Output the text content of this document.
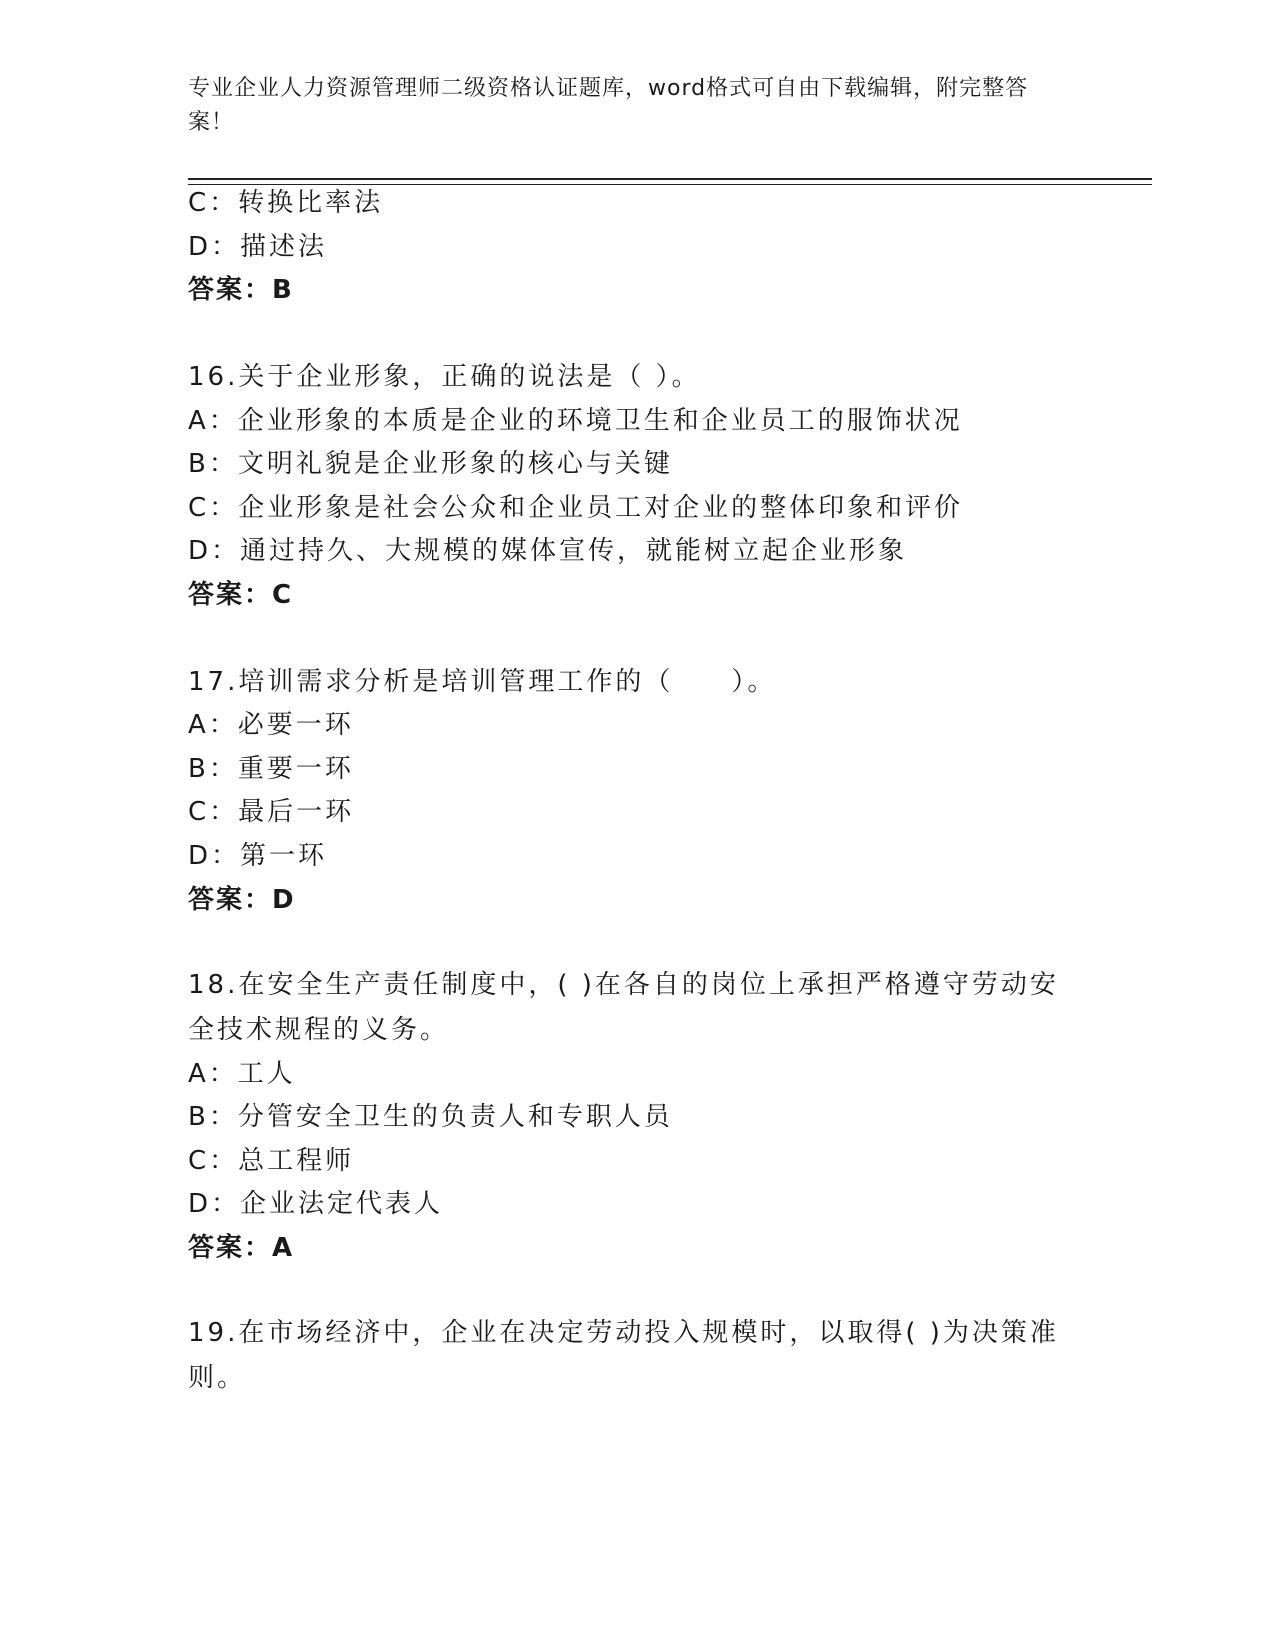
专业企业人力资源管理师二级资格认证题库，word格式可自由下载编辑，附完整答案！
C：转换比率法
D：描述法
答案：B
16.关于企业形象，正确的说法是（ ）。
A：企业形象的本质是企业的环境卫生和企业员工的服饰状况
B：文明礼貌是企业形象的核心与关键
C：企业形象是社会公众和企业员工对企业的整体印象和评价
D：通过持久、大规模的媒体宣传，就能树立起企业形象
答案：C
17.培训需求分析是培训管理工作的（　　）。
A：必要一环
B：重要一环
C：最后一环
D：第一环
答案：D
18.在安全生产责任制度中，( )在各自的岗位上承担严格遵守劳动安全技术规程的义务。
A：工人
B：分管安全卫生的负责人和专职人员
C：总工程师
D：企业法定代表人
答案：A
19.在市场经济中，企业在决定劳动投入规模时，以取得( )为决策准则。
